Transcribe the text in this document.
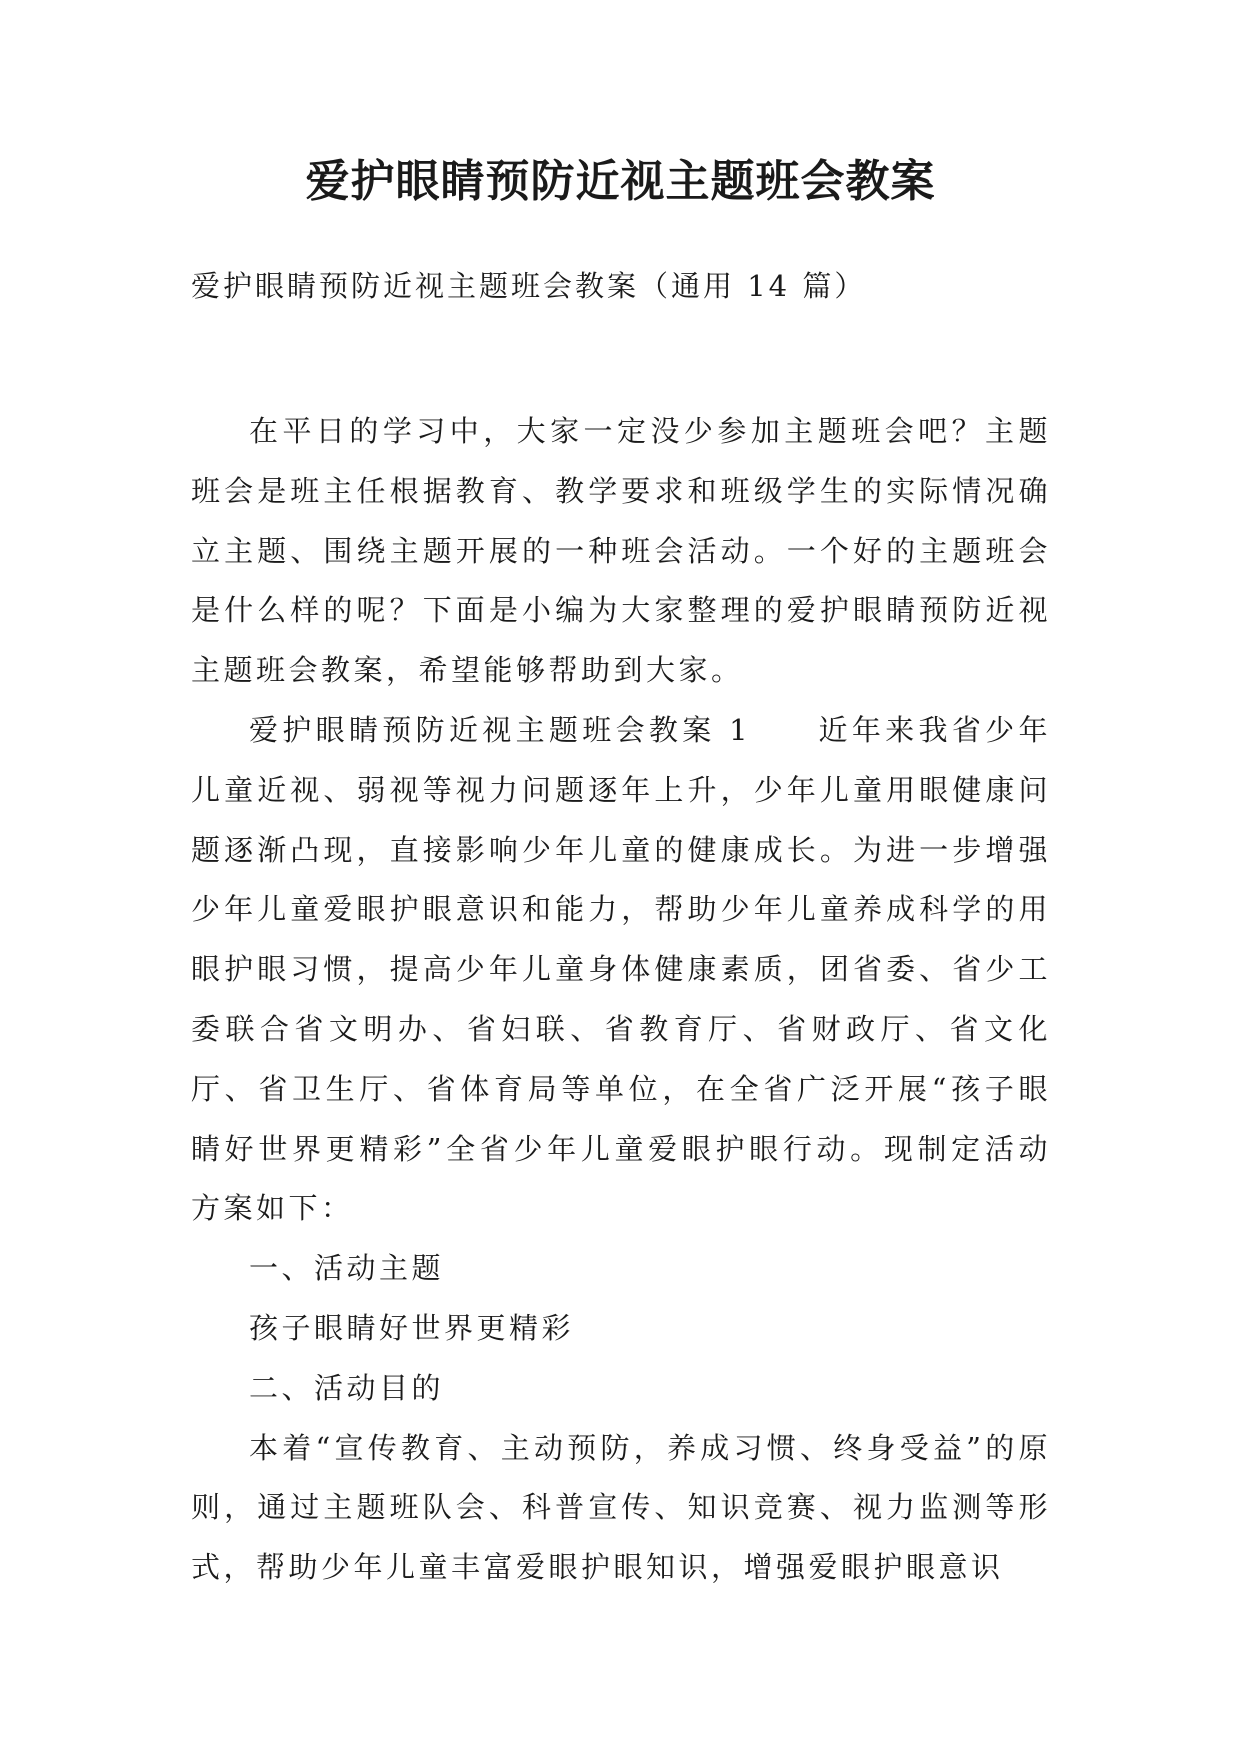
爱护眼睛预防近视主题班会教案

爱护眼睛预防近视主题班会教案（通用 14 篇）

在平日的学习中，大家一定没少参加主题班会吧？主题班会是班主任根据教育、教学要求和班级学生的实际情况确立主题、围绕主题开展的一种班会活动。一个好的主题班会是什么样的呢？下面是小编为大家整理的爱护眼睛预防近视主题班会教案，希望能够帮助到大家。

爱护眼睛预防近视主题班会教案 1　　近年来我省少年儿童近视、弱视等视力问题逐年上升，少年儿童用眼健康问题逐渐凸现，直接影响少年儿童的健康成长。为进一步增强少年儿童爱眼护眼意识和能力，帮助少年儿童养成科学的用眼护眼习惯，提高少年儿童身体健康素质，团省委、省少工委联合省文明办、省妇联、省教育厅、省财政厅、省文化厅、省卫生厅、省体育局等单位，在全省广泛开展“孩子眼睛好世界更精彩”全省少年儿童爱眼护眼行动。现制定活动方案如下：

一、活动主题

孩子眼睛好世界更精彩

二、活动目的

本着“宣传教育、主动预防，养成习惯、终身受益”的原则，通过主题班队会、科普宣传、知识竞赛、视力监测等形式，帮助少年儿童丰富爱眼护眼知识，增强爱眼护眼意识
